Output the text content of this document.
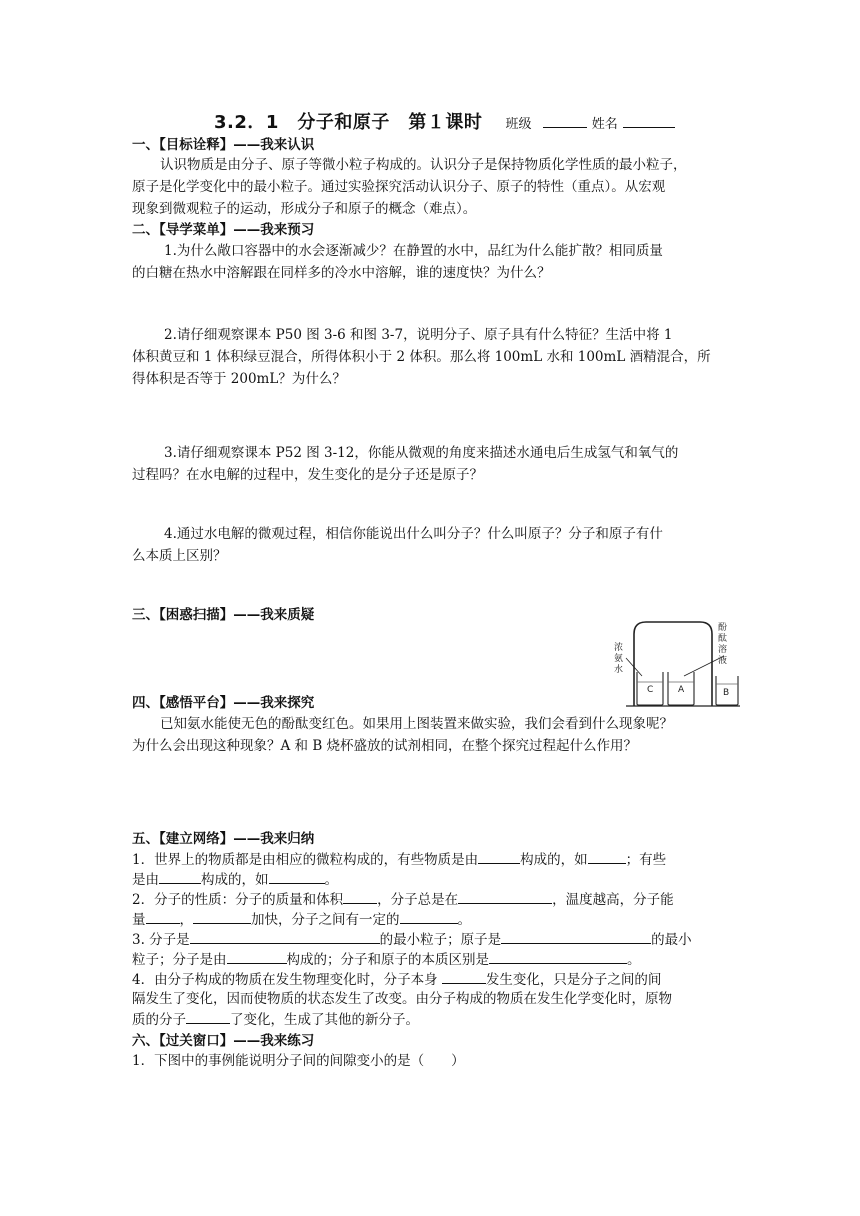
3.2．1　分子和原子　第１课时 班级	姓名
一、【目标诠释】——我来认识
认识物质是由分子、原子等微小粒子构成的。认识分子是保持物质化学性质的最小粒子，
原子是化学变化中的最小粒子。通过实验探究活动认识分子、原子的特性（重点）。从宏观
现象到微观粒子的运动，形成分子和原子的概念（难点）。
二、【导学菜单】——我来预习
1.为什么敞口容器中的水会逐渐减少？在静置的水中，品红为什么能扩散？相同质量
的白糖在热水中溶解跟在同样多的冷水中溶解，谁的速度快？为什么？
2.请仔细观察课本 P50 图 3-6 和图 3-7，说明分子、原子具有什么特征？生活中将 1
体积黄豆和 1 体积绿豆混合，所得体积小于 2 体积。那么将 100mL 水和 100mL 酒精混合，所
得体积是否等于 200mL？为什么？
3.请仔细观察课本 P52 图 3-12，你能从微观的角度来描述水通电后生成氢气和氧气的
过程吗？在水电解的过程中，发生变化的是分子还是原子？
4.通过水电解的微观过程，相信你能说出什么叫分子？什么叫原子？分子和原子有什
么本质上区别？
三、【困惑扫描】——我来质疑
浓
氨
水
酚
酞
溶
液
C	A	B
四、【感悟平台】——我来探究
已知氨水能使无色的酚酞变红色。如果用上图装置来做实验，我们会看到什么现象呢？
为什么会出现这种现象？A 和 B 烧杯盛放的试剂相同，在整个探究过程起什么作用？
五、【建立网络】——我来归纳
1．世界上的物质都是由相应的微粒构成的，有些物质是由	构成的，如	；有些
是由	构成的，如	。
2．分子的性质：分子的质量和体积	，分子总是在	，温度越高，分子能
量	，	加快，分子之间有一定的	。
3. 分子是	的最小粒子；原子是	的最小
粒子；分子是由	构成的；分子和原子的本质区别是	。
4．由分子构成的物质在发生物理变化时，分子本身	发生变化，只是分子之间的间
隔发生了变化，因而使物质的状态发生了改变。由分子构成的物质在发生化学变化时，原物
质的分子	了变化，生成了其他的新分子。
六、【过关窗口】——我来练习
1．下图中的事例能说明分子间的间隙变小的是（　　）
